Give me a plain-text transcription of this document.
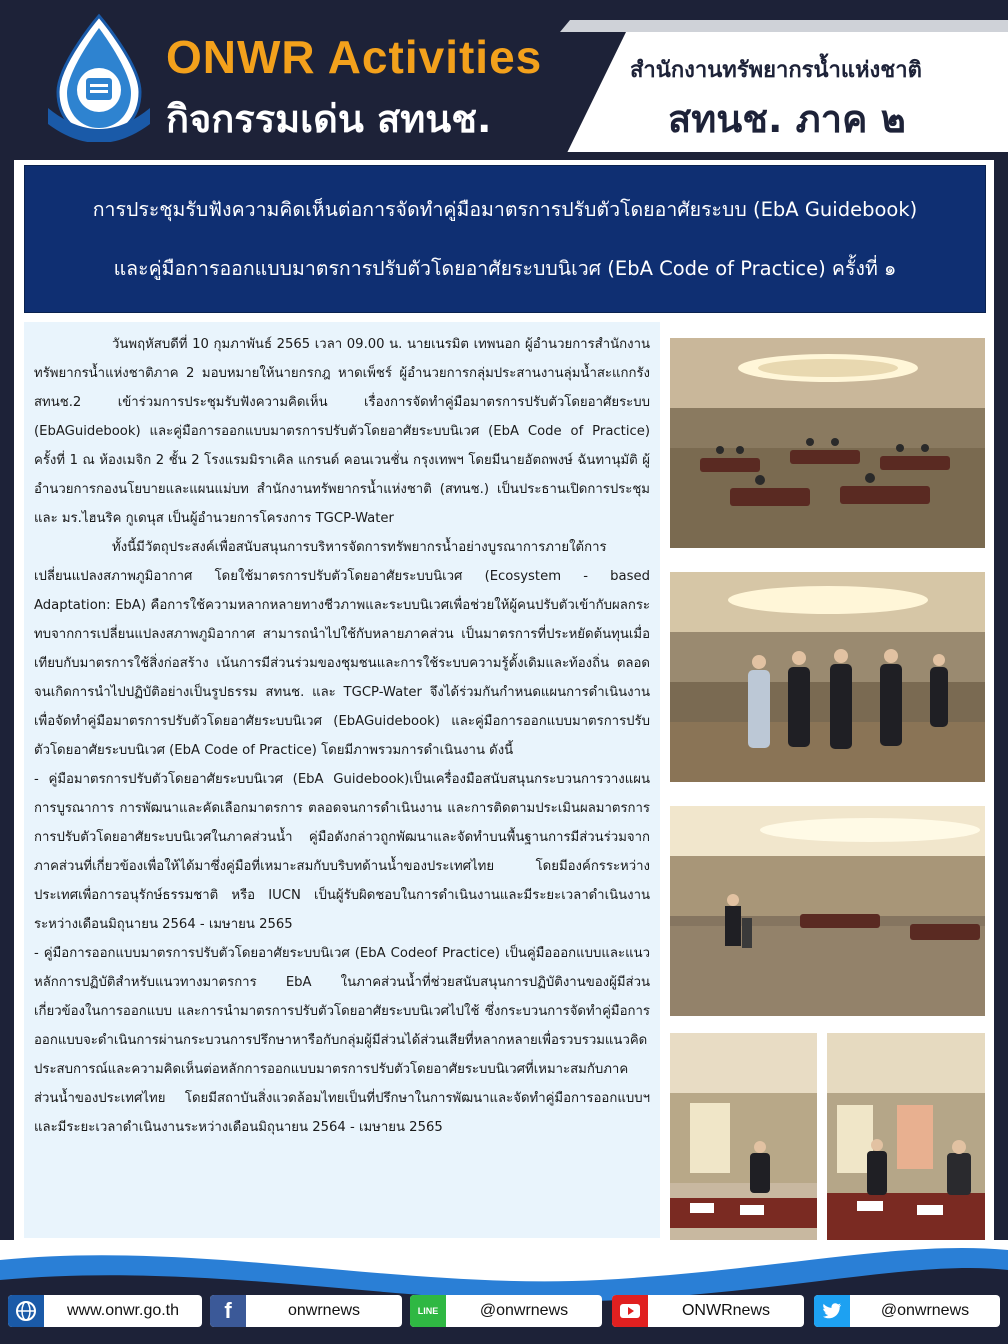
ONWR Activities
กิจกรรมเด่น สทนช.
สำนักงานทรัพยากรน้ำแห่งชาติ
สทนช. ภาค ๒
การประชุมรับฟังความคิดเห็นต่อการจัดทำคู่มือมาตรการปรับตัวโดยอาศัยระบบ (EbA Guidebook)
และคู่มือการออกแบบมาตรการปรับตัวโดยอาศัยระบบนิเวศ (EbA Code of Practice) ครั้งที่ ๑

วันพฤหัสบดีที่ 10 กุมภาพันธ์ 2565 เวลา 09.00 น. นายเนรมิต เทพนอก ผู้อำนวยการสำนักงานทรัพยากรน้ำแห่งชาติภาค 2 มอบหมายให้นายกรกฎ หาดเพ็ชร์ ผู้อำนวยการกลุ่มประสานงานลุ่มน้ำสะแกกรัง สทนช.2 เข้าร่วมการประชุมรับฟังความคิดเห็น เรื่องการจัดทำคู่มือมาตรการปรับตัวโดยอาศัยระบบ (EbAGuidebook) และคู่มือการออกแบบมาตรการปรับตัวโดยอาศัยระบบนิเวศ (EbA Code of Practice) ครั้งที่ 1 ณ ห้องเมจิก 2 ชั้น 2 โรงแรมมิราเคิล แกรนด์ คอนเวนชั่น กรุงเทพฯ โดยมีนายอัตถพงษ์ ฉันทานุมัติ ผู้อำนวยการกองนโยบายและแผนแม่บท สำนักงานทรัพยากรน้ำแห่งชาติ (สทนช.) เป็นประธานเปิดการประชุม และ มร.ไฮนริค กูเดนุส เป็นผู้อำนวยการโครงการ TGCP-Water

ทั้งนี้มีวัตถุประสงค์เพื่อสนับสนุนการบริหารจัดการทรัพยากรน้ำอย่างบูรณาการภายใต้การเปลี่ยนแปลงสภาพภูมิอากาศ โดยใช้มาตรการปรับตัวโดยอาศัยระบบนิเวศ (Ecosystem - based Adaptation: EbA) คือการใช้ความหลากหลายทางชีวภาพและระบบนิเวศเพื่อช่วยให้ผู้คนปรับตัวเข้ากับผลกระทบจากการเปลี่ยนแปลงสภาพภูมิอากาศ สามารถนำไปใช้กับหลายภาคส่วน เป็นมาตรการที่ประหยัดต้นทุนเมื่อเทียบกับมาตรการใช้สิ่งก่อสร้าง เน้นการมีส่วนร่วมของชุมชนและการใช้ระบบความรู้ดั้งเดิมและท้องถิ่น ตลอดจนเกิดการนำไปปฏิบัติอย่างเป็นรูปธรรม สทนช. และ TGCP-Water จึงได้ร่วมกันกำหนดแผนการดำเนินงานเพื่อจัดทำคู่มือมาตรการปรับตัวโดยอาศัยระบบนิเวศ (EbAGuidebook) และคู่มือการออกแบบมาตรการปรับตัวโดยอาศัยระบบนิเวศ (EbA Code of Practice) โดยมีภาพรวมการดำเนินงาน ดังนี้

- คู่มือมาตรการปรับตัวโดยอาศัยระบบนิเวศ (EbA Guidebook)เป็นเครื่องมือสนับสนุนกระบวนการวางแผน การบูรณาการ การพัฒนาและคัดเลือกมาตรการ ตลอดจนการดำเนินงาน และการติดตามประเมินผลมาตรการการปรับตัวโดยอาศัยระบบนิเวศในภาคส่วนน้ำ คู่มือดังกล่าวถูกพัฒนาและจัดทำบนพื้นฐานการมีส่วนร่วมจากภาคส่วนที่เกี่ยวข้องเพื่อให้ได้มาซึ่งคู่มือที่เหมาะสมกับบริบทด้านน้ำของประเทศไทย โดยมีองค์กรระหว่างประเทศเพื่อการอนุรักษ์ธรรมชาติ หรือ IUCN เป็นผู้รับผิดชอบในการดำเนินงานและมีระยะเวลาดำเนินงานระหว่างเดือนมิถุนายน 2564 - เมษายน 2565

- คู่มือการออกแบบมาตรการปรับตัวโดยอาศัยระบบนิเวศ (EbA Codeof Practice) เป็นคู่มือออกแบบและแนวหลักการปฏิบัติสำหรับแนวทางมาตรการ EbA ในภาคส่วนน้ำที่ช่วยสนับสนุนการปฏิบัติงานของผู้มีส่วนเกี่ยวข้องในการออกแบบ และการนำมาตรการปรับตัวโดยอาศัยระบบนิเวศไปใช้ ซึ่งกระบวนการจัดทำคู่มือการออกแบบจะดำเนินการผ่านกระบวนการปรึกษาหารือกับกลุ่มผู้มีส่วนได้ส่วนเสียที่หลากหลายเพื่อรวบรวมแนวคิด ประสบการณ์และความคิดเห็นต่อหลักการออกแบบมาตรการปรับตัวโดยอาศัยระบบนิเวศที่เหมาะสมกับภาคส่วนน้ำของประเทศไทย โดยมีสถาบันสิ่งแวดล้อมไทยเป็นที่ปรึกษาในการพัฒนาและจัดทำคู่มือการออกแบบฯ และมีระยะเวลาดำเนินงานระหว่างเดือนมิถุนายน 2564 - เมษายน 2565

www.onwr.go.th	f	onwrnews	LINE	@onwrnews	ONWRnews	@onwrnews
